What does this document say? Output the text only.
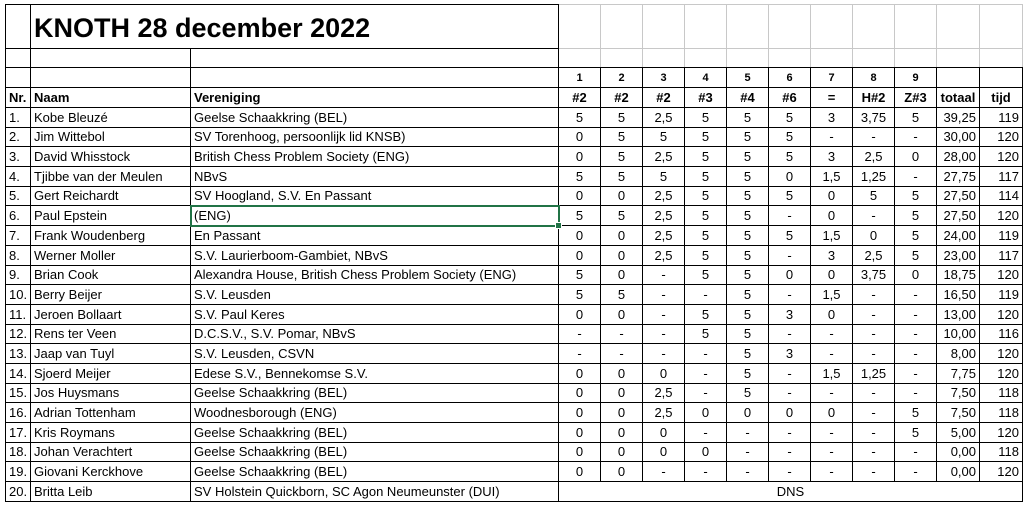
	KNOTH 28 december 2022												

			1	2	3	4	5	6	7	8	9		
Nr.	Naam	Vereniging	#2	#2	#2	#3	#4	#6	=	H#2	Z#3	totaal	tijd
1.	Kobe Bleuzé	Geelse Schaakkring (BEL)	5	5	2,5	5	5	5	3	3,75	5	39,25	119
2.	Jim Wittebol	SV Torenhoog, persoonlijk lid KNSB)	0	5	5	5	5	5	-	-	-	30,00	120
3.	David Whisstock	British Chess Problem Society (ENG)	0	5	2,5	5	5	5	3	2,5	0	28,00	120
4.	Tjibbe van der Meulen	NBvS	5	5	5	5	5	0	1,5	1,25	-	27,75	117
5.	Gert Reichardt	SV Hoogland, S.V. En Passant	0	0	2,5	5	5	5	0	5	5	27,50	114
6.	Paul Epstein	(ENG)	5	5	2,5	5	5	-	0	-	5	27,50	120
7.	Frank Woudenberg	En Passant	0	0	2,5	5	5	5	1,5	0	5	24,00	119
8.	Werner Moller	S.V. Laurierboom-Gambiet, NBvS	0	0	2,5	5	5	-	3	2,5	5	23,00	117
9.	Brian Cook	Alexandra House, British Chess Problem Society (ENG)	5	0	-	5	5	0	0	3,75	0	18,75	120
10.	Berry Beijer	S.V. Leusden	5	5	-	-	5	-	1,5	-	-	16,50	119
11.	Jeroen Bollaart	S.V. Paul Keres	0	0	-	5	5	3	0	-	-	13,00	120
12.	Rens ter Veen	D.C.S.V., S.V. Pomar, NBvS	-	-	-	5	5	-	-	-	-	10,00	116
13.	Jaap van Tuyl	S.V. Leusden, CSVN	-	-	-	-	5	3	-	-	-	8,00	120
14.	Sjoerd Meijer	Edese S.V., Bennekomse S.V.	0	0	0	-	5	-	1,5	1,25	-	7,75	120
15.	Jos Huysmans	Geelse Schaakkring (BEL)	0	0	2,5	-	5	-	-	-	-	7,50	118
16.	Adrian Tottenham	Woodnesborough (ENG)	0	0	2,5	0	0	0	0	-	5	7,50	118
17.	Kris Roymans	Geelse Schaakkring (BEL)	0	0	0	-	-	-	-	-	5	5,00	120
18.	Johan Verachtert	Geelse Schaakkring (BEL)	0	0	0	0	-	-	-	-	-	0,00	118
19.	Giovani Kerckhove	Geelse Schaakkring (BEL)	0	0	-	-	-	-	-	-	-	0,00	120
20.	Britta Leib	SV Holstein Quickborn, SC Agon Neumeunster (DUI)	DNS										
